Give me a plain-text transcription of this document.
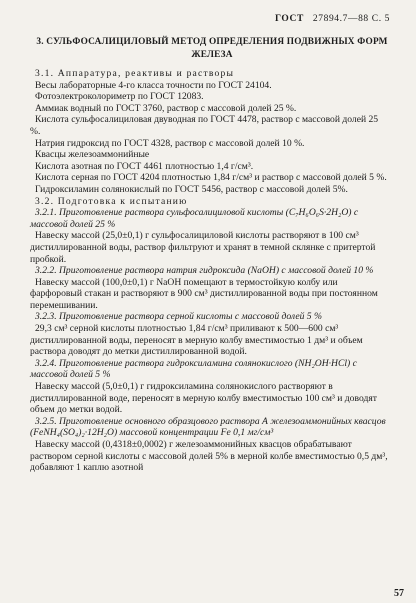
ГОСТ 27894.7—88 С. 5
3. СУЛЬФОСАЛИЦИЛОВЫЙ МЕТОД ОПРЕДЕЛЕНИЯ ПОДВИЖНЫХ ФОРМ ЖЕЛЕЗА

3.1. Аппаратура, реактивы и растворы

Весы лабораторные 4-го класса точности по ГОСТ 24104.

Фотоэлектроколориметр по ГОСТ 12083.

Аммиак водный по ГОСТ 3760, раствор с массовой долей 25 %.

Кислота сульфосалициловая двуводная по ГОСТ 4478, раствор с массовой долей 25 %.

Натрия гидроксид по ГОСТ 4328, раствор с массовой долей 10 %.

Квасцы железоаммонийные

Кислота азотная по ГОСТ 4461 плотностью 1,4 г/см³.

Кислота серная по ГОСТ 4204 плотностью 1,84 г/см³ и раствор с массовой долей 5 %.

Гидроксиламин солянокислый по ГОСТ 5456, раствор с массовой долей 5%.

3.2. Подготовка к испытанию

3.2.1. Приготовление раствора сульфосалициловой кислоты (C₇H₆O₆S·2H₂O) с массовой долей 25 %

Навеску массой (25,0±0,1) г сульфосалициловой кислоты растворяют в 100 см³ дистиллированной воды, раствор фильтруют и хранят в темной склянке с притертой пробкой.

3.2.2. Приготовление раствора натрия гидроксида (NaOH) с массовой долей 10 %

Навеску массой (100,0±0,1) г NaOH помещают в термостойкую колбу или фарфоровый стакан и растворяют в 900 см³ дистиллированной воды при постоянном перемешивании.

3.2.3. Приготовление раствора серной кислоты с массовой долей 5 %

29,3 см³ серной кислоты плотностью 1,84 г/см³ приливают к 500—600 см³ дистиллированной воды, переносят в мерную колбу вместимостью 1 дм³ и объем раствора доводят до метки дистиллированной водой.

3.2.4. Приготовление раствора гидроксиламина солянокислого (NH₂OH·HCl) с массовой долей 5 %

Навеску массой (5,0±0,1) г гидроксиламина солянокислого растворяют в дистиллированной воде, переносят в мерную колбу вместимостью 100 см³ и доводят объем до метки водой.

3.2.5. Приготовление основного образцового раствора А железоаммонийных квасцов (FeNH₄(SO₄)₂·12H₂O) массовой концентрации Fe 0,1 мг/см³

Навеску массой (0,4318±0,0002) г железоаммонийных квасцов обрабатывают раствором серной кислоты с массовой долей 5% в мерной колбе вместимостью 0,5 дм³, добавляют 1 каплю азотной

57
